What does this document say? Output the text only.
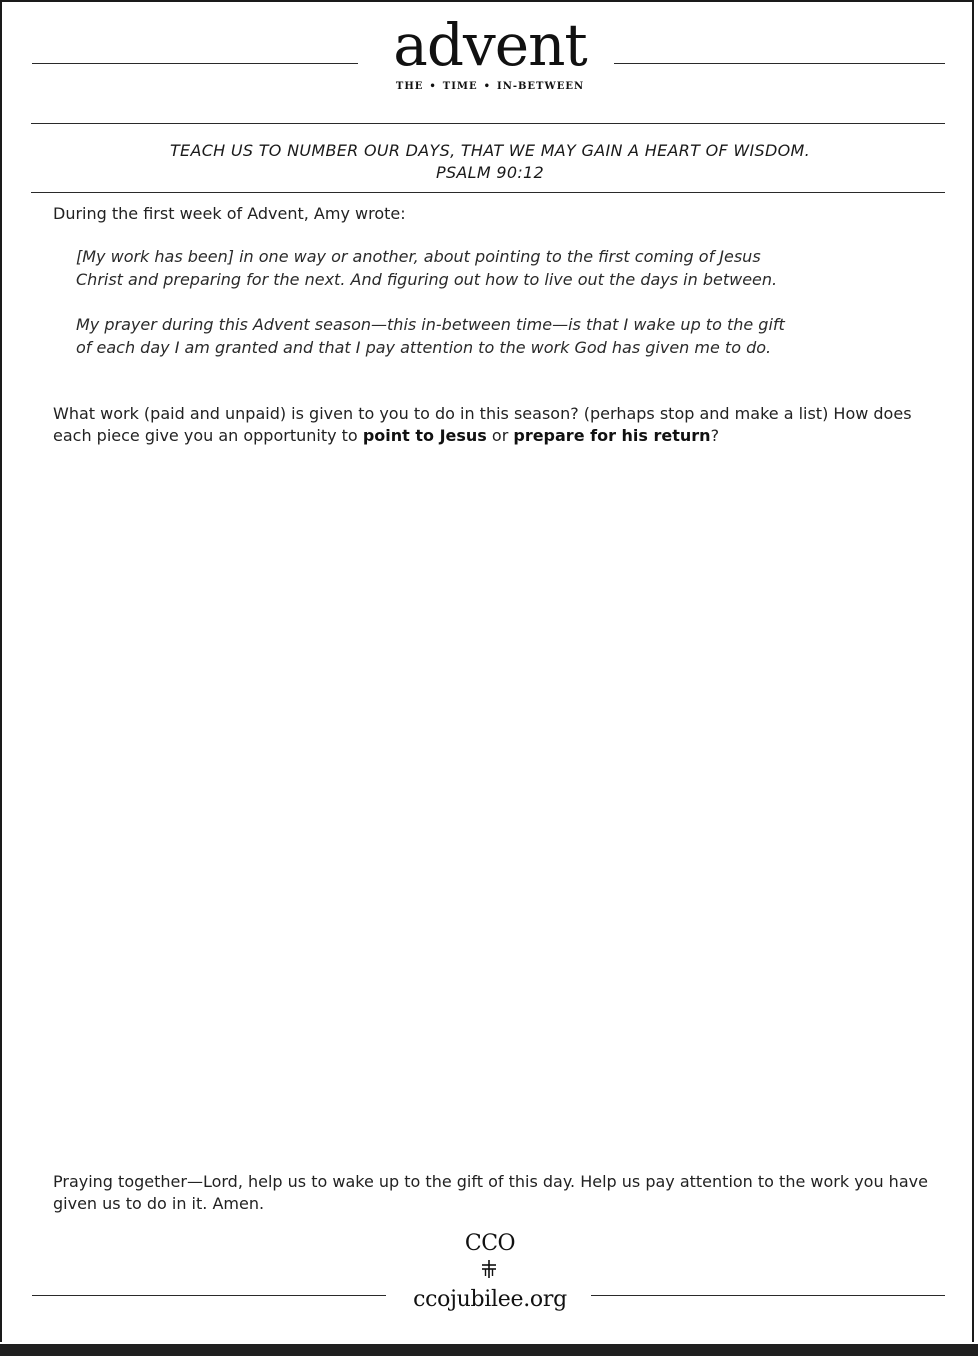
advent
THE • TIME • IN-BETWEEN
TEACH US TO NUMBER OUR DAYS, THAT WE MAY GAIN A HEART OF WISDOM.
PSALM 90:12
During the first week of Advent, Amy wrote:
[My work has been] in one way or another, about pointing to the first coming of Jesus
Christ and preparing for the next. And figuring out how to live out the days in between.
My prayer during this Advent season—this in-between time—is that I wake up to the gift
of each day I am granted and that I pay attention to the work God has given me to do.
What work (paid and unpaid) is given to you to do in this season? (perhaps stop and make a list) How does each piece give you an opportunity to point to Jesus or prepare for his return?
Praying together—Lord, help us to wake up to the gift of this day. Help us pay attention to the work you have given us to do in it. Amen.
CCO
ccojubilee.org
